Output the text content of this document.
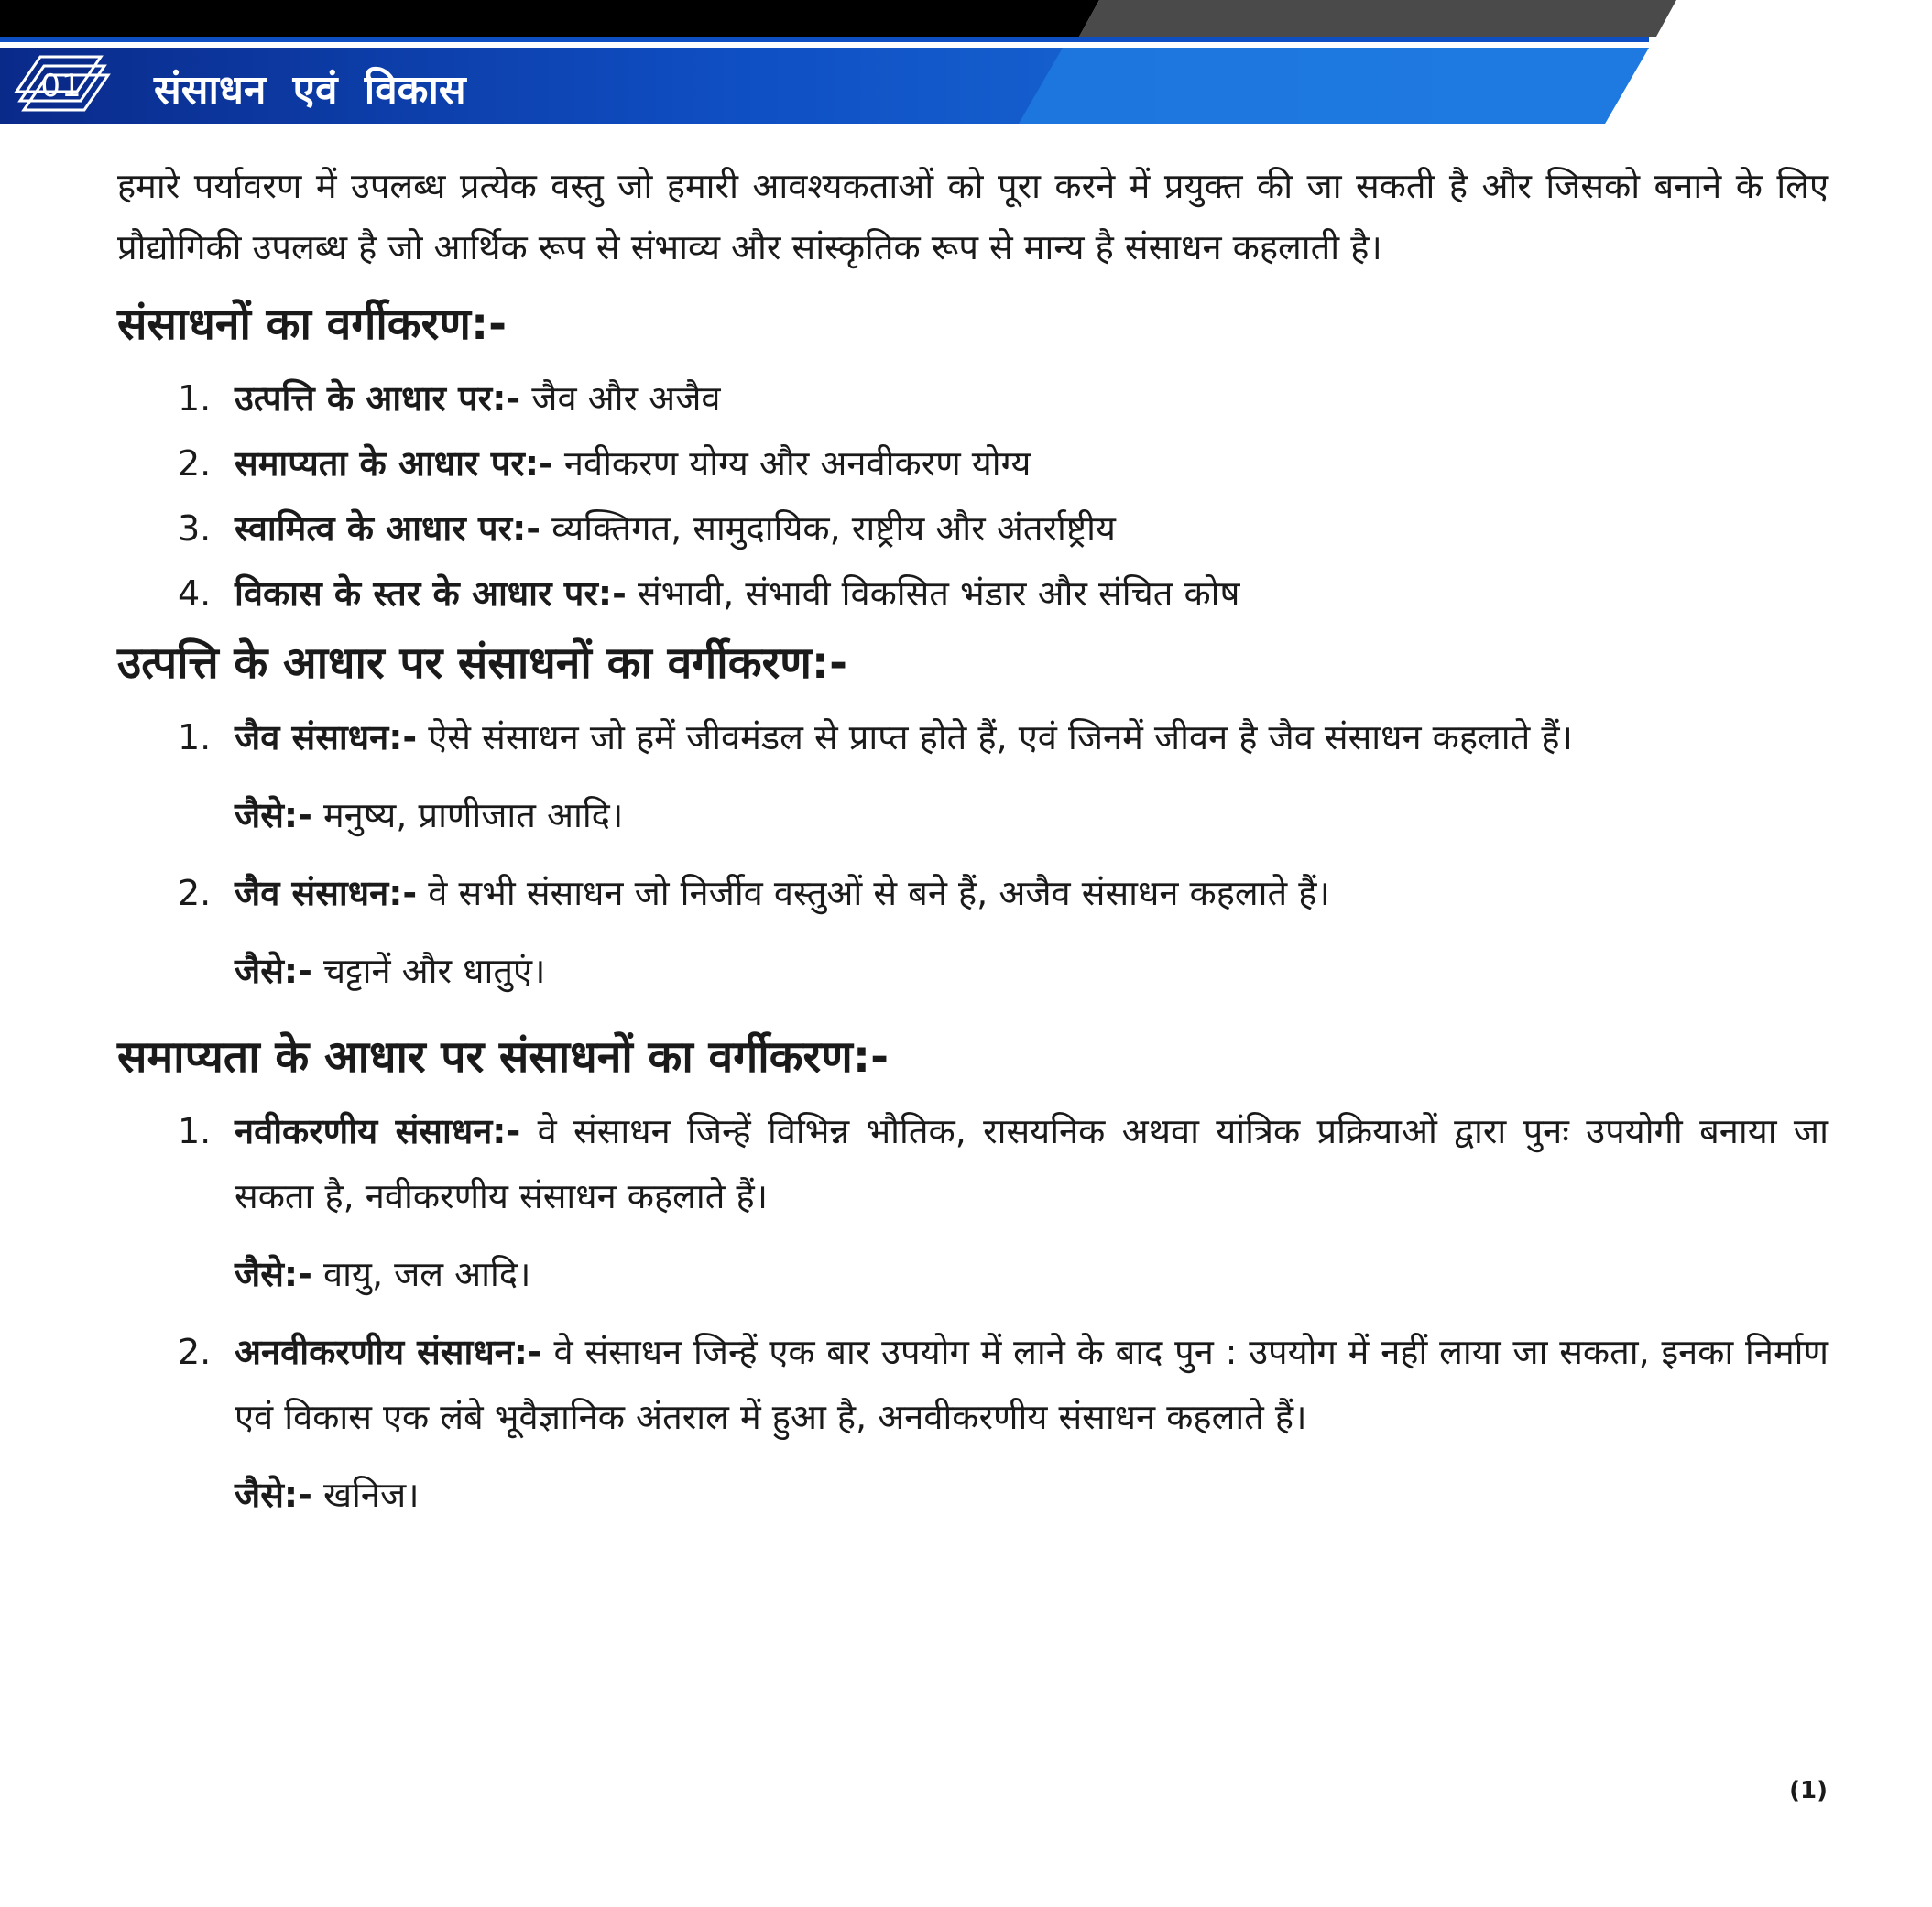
01 संसाधन एवं विकास

हमारे पर्यावरण में उपलब्ध प्रत्येक वस्तु जो हमारी आवश्यकताओं को पूरा करने में प्रयुक्त की जा सकती है और जिसको बनाने के लिए प्रौद्योगिकी उपलब्ध है जो आर्थिक रूप से संभाव्य और सांस्कृतिक रूप से मान्य है संसाधन कहलाती है।

संसाधनों का वर्गीकरण:-
1. उत्पत्ति के आधार पर:- जैव और अजैव
2. समाप्यता के आधार पर:- नवीकरण योग्य और अनवीकरण योग्य
3. स्वामित्व के आधार पर:- व्यक्तिगत, सामुदायिक, राष्ट्रीय और अंतर्राष्ट्रीय
4. विकास के स्तर के आधार पर:- संभावी, संभावी विकसित भंडार और संचित कोष
उत्पत्ति के आधार पर संसाधनों का वर्गीकरण:-
1. जैव संसाधन:- ऐसे संसाधन जो हमें जीवमंडल से प्राप्त होते हैं, एवं जिनमें जीवन है जैव संसाधन कहलाते हैं।
जैसे:- मनुष्य, प्राणीजात आदि।
2. जैव संसाधन:- वे सभी संसाधन जो निर्जीव वस्तुओं से बने हैं, अजैव संसाधन कहलाते हैं।
जैसे:- चट्टानें और धातुएं।
समाप्यता के आधार पर संसाधनों का वर्गीकरण:-
1. नवीकरणीय संसाधन:- वे संसाधन जिन्हें विभिन्न भौतिक, रासयनिक अथवा यांत्रिक प्रक्रियाओं द्वारा पुनः उपयोगी बनाया जा सकता है, नवीकरणीय संसाधन कहलाते हैं।
जैसे:- वायु, जल आदि।
2. अनवीकरणीय संसाधन:- वे संसाधन जिन्हें एक बार उपयोग में लाने के बाद पुन : उपयोग में नहीं लाया जा सकता, इनका निर्माण एवं विकास एक लंबे भूवैज्ञानिक अंतराल में हुआ है, अनवीकरणीय संसाधन कहलाते हैं।
जैसे:- खनिज।
(1)
